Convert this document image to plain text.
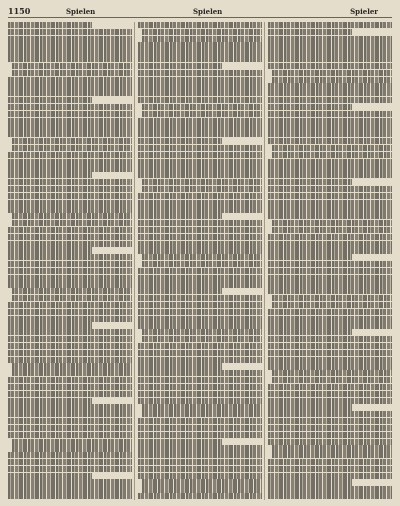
1150	Spielen	Spielen	Spieler
